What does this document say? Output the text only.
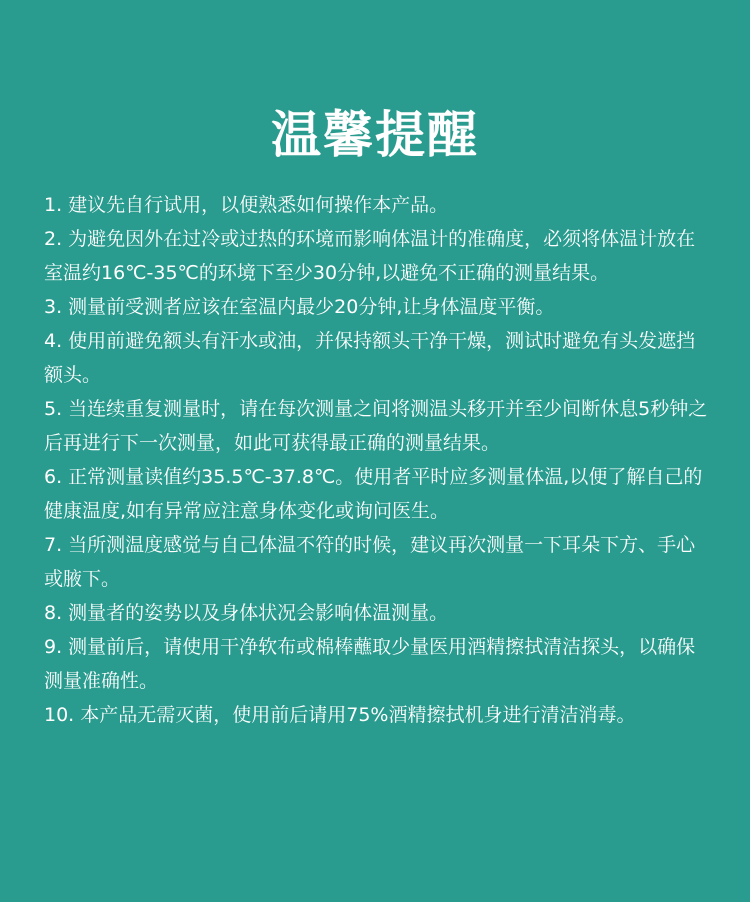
温馨提醒
1. 建议先自行试用，以便熟悉如何操作本产品。
2. 为避免因外在过冷或过热的环境而影响体温计的准确度，必须将体温计放在室温约16℃-35℃的环境下至少30分钟,以避免不正确的测量结果。
3. 测量前受测者应该在室温内最少20分钟,让身体温度平衡。
4. 使用前避免额头有汗水或油，并保持额头干净干燥，测试时避免有头发遮挡额头。
5. 当连续重复测量时，请在每次测量之间将测温头移开并至少间断休息5秒钟之后再进行下一次测量，如此可获得最正确的测量结果。
6. 正常测量读值约35.5℃-37.8℃。使用者平时应多测量体温,以便了解自己的健康温度,如有异常应注意身体变化或询问医生。
7. 当所测温度感觉与自己体温不符的时候，建议再次测量一下耳朵下方、手心或腋下。
8. 测量者的姿势以及身体状况会影响体温测量。
9. 测量前后，请使用干净软布或棉棒蘸取少量医用酒精擦拭清洁探头，以确保测量准确性。
10. 本产品无需灭菌，使用前后请用75%酒精擦拭机身进行清洁消毒。
